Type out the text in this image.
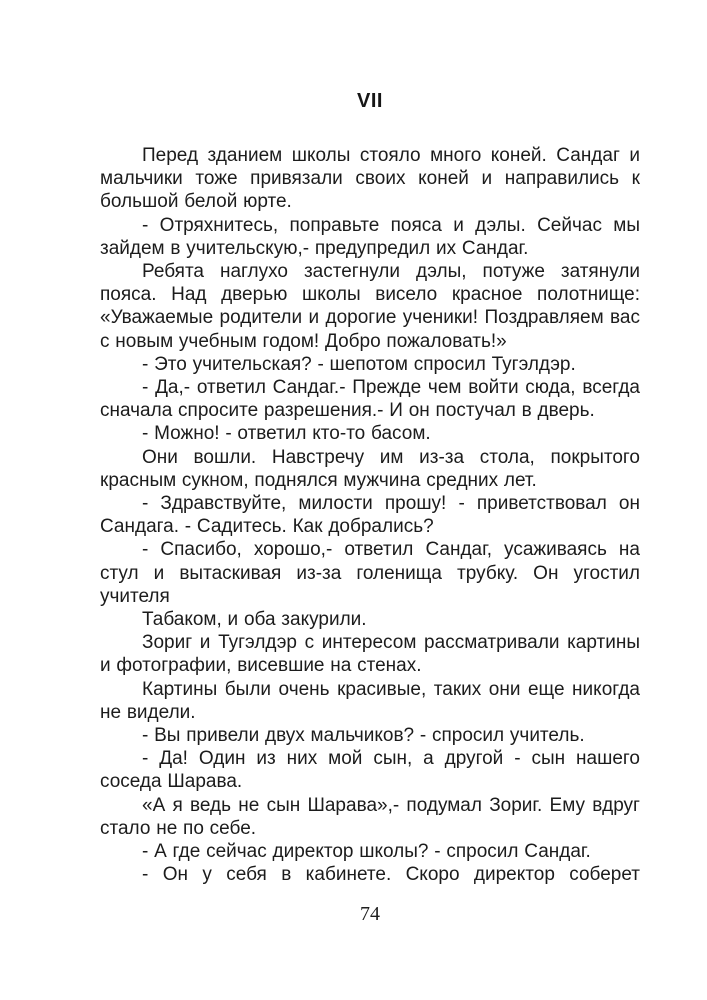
VII

Перед зданием школы стояло много коней. Сандаг и мальчики тоже привязали своих коней и направились к большой белой юрте.

- Отряхнитесь, поправьте пояса и дэлы. Сейчас мы зайдем в учительскую,- предупредил их Сандаг.

Ребята наглухо застегнули дэлы, потуже затянули пояса. Над дверью школы висело красное полотнище: «Уважаемые родители и дорогие ученики! Поздравляем вас с новым учебным годом! Добро пожаловать!»

- Это учительская? - шепотом спросил Тугэлдэр.

- Да,- ответил Сандаг.- Прежде чем войти сюда, всегда сначала спросите разрешения.- И он постучал в дверь.

- Можно! - ответил кто-то басом.

Они вошли. Навстречу им из-за стола, покрытого красным сукном, поднялся мужчина средних лет.

- Здравствуйте, милости прошу! - приветствовал он Сандага. - Садитесь. Как добрались?

- Спасибо, хорошо,- ответил Сандаг, усаживаясь на стул и вытаскивая из-за голенища трубку. Он угостил учителя

Табаком, и оба закурили.

Зориг и Тугэлдэр с интересом рассматривали картины и фотографии, висевшие на стенах.

Картины были очень красивые, таких они еще никогда не видели.

- Вы привели двух мальчиков? - спросил учитель.

- Да! Один из них мой сын, а другой - сын нашего соседа Шарава.

«А я ведь не сын Шарава»,- подумал Зориг. Ему вдруг стало не по себе.

- А где сейчас директор школы? - спросил Сандаг.

- Он у себя в кабинете. Скоро директор соберет

74
